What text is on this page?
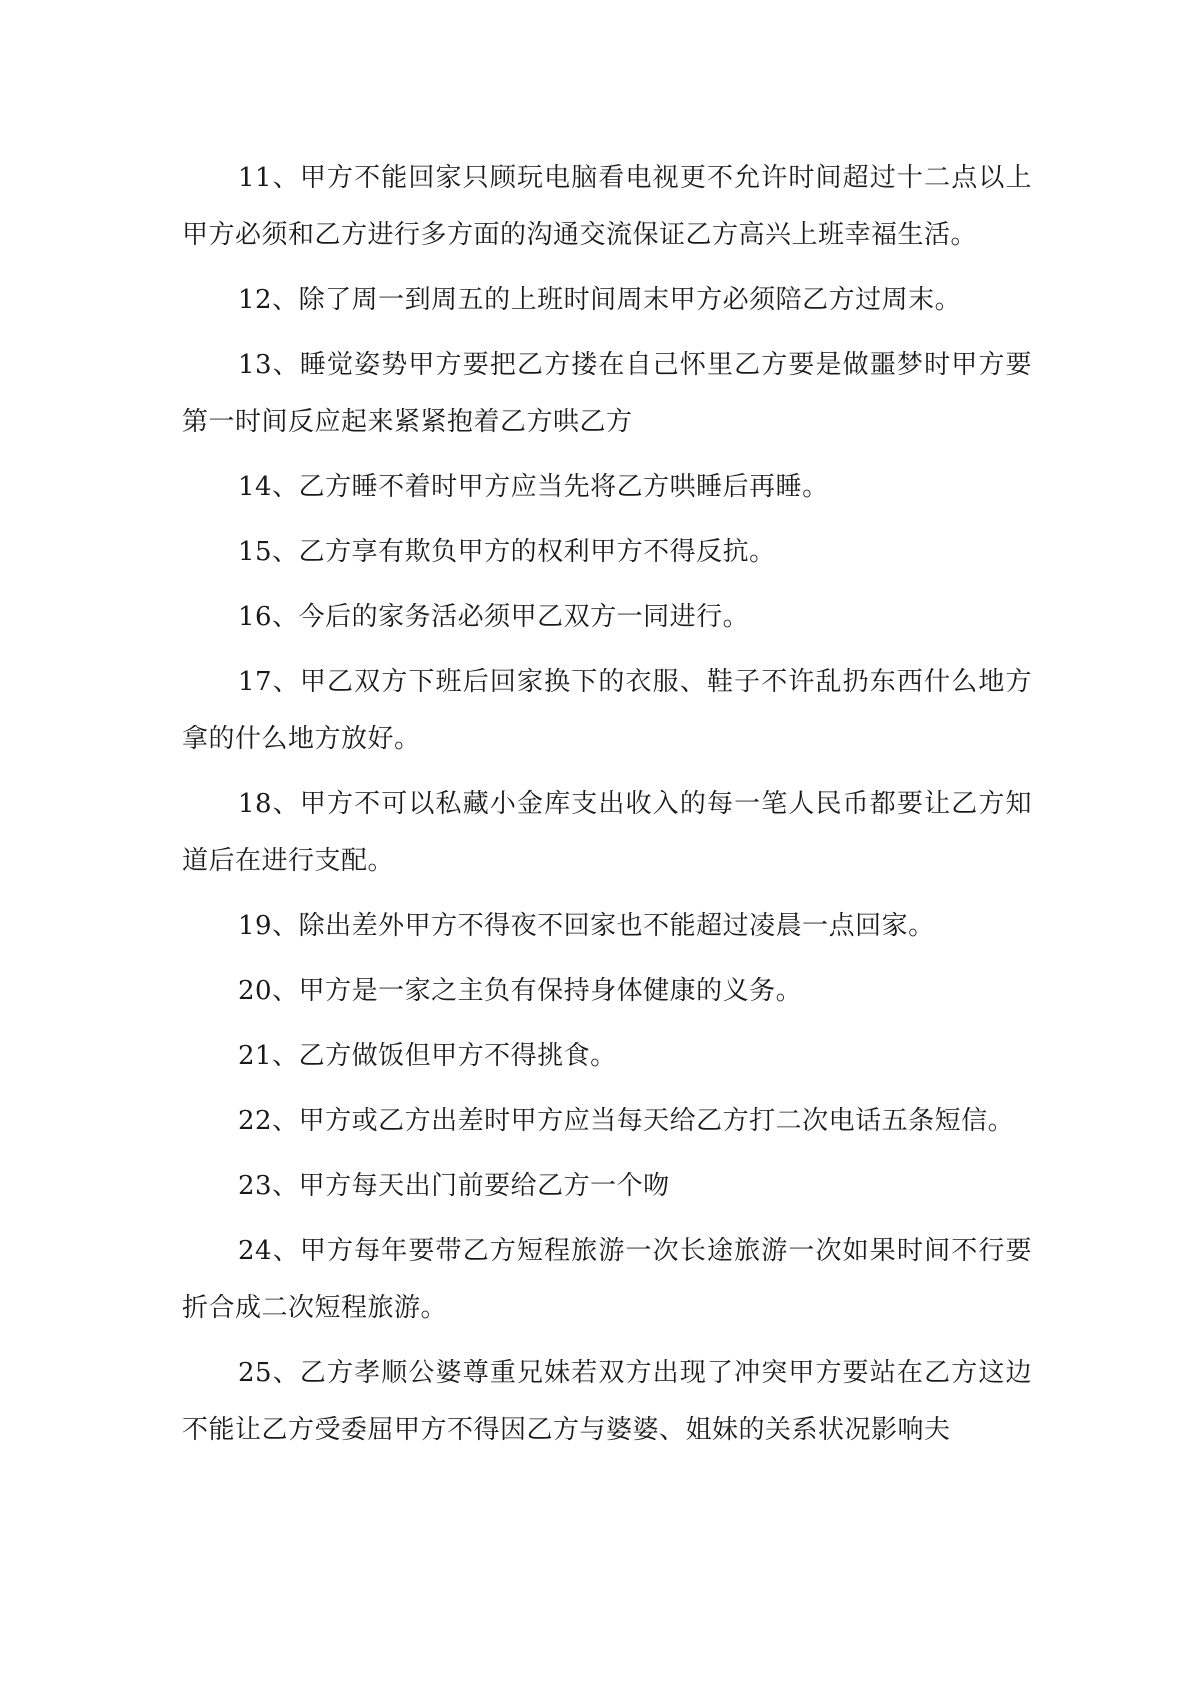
11、甲方不能回家只顾玩电脑看电视更不允许时间超过十二点以上甲方必须和乙方进行多方面的沟通交流保证乙方高兴上班幸福生活。

12、除了周一到周五的上班时间周末甲方必须陪乙方过周末。

13、睡觉姿势甲方要把乙方搂在自己怀里乙方要是做噩梦时甲方要第一时间反应起来紧紧抱着乙方哄乙方

14、乙方睡不着时甲方应当先将乙方哄睡后再睡。

15、乙方享有欺负甲方的权利甲方不得反抗。

16、今后的家务活必须甲乙双方一同进行。

17、甲乙双方下班后回家换下的衣服、鞋子不许乱扔东西什么地方拿的什么地方放好。

18、甲方不可以私藏小金库支出收入的每一笔人民币都要让乙方知道后在进行支配。

19、除出差外甲方不得夜不回家也不能超过凌晨一点回家。

20、甲方是一家之主负有保持身体健康的义务。

21、乙方做饭但甲方不得挑食。

22、甲方或乙方出差时甲方应当每天给乙方打二次电话五条短信。

23、甲方每天出门前要给乙方一个吻

24、甲方每年要带乙方短程旅游一次长途旅游一次如果时间不行要折合成二次短程旅游。

25、乙方孝顺公婆尊重兄妹若双方出现了冲突甲方要站在乙方这边不能让乙方受委屈甲方不得因乙方与婆婆、姐妹的关系状况影响夫
